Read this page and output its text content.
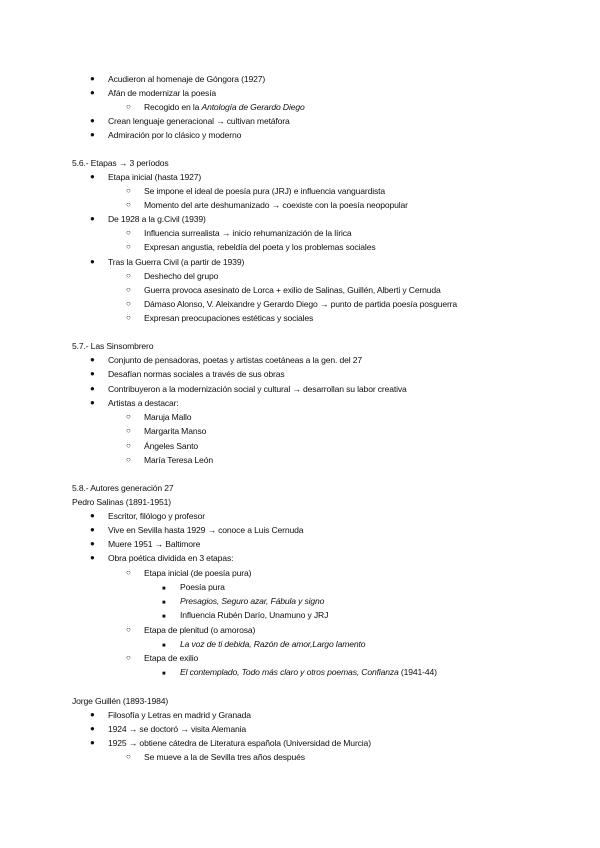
● Acudieron al homenaje de Góngora (1927)
● Afán de modernizar la poesía
○ Recogido en la Antología de Gerardo Diego
● Crean lenguaje generacional → cultivan metáfora
● Admiración por lo clásico y moderno
5.6.- Etapas → 3 períodos
● Etapa inicial (hasta 1927)
○ Se impone el ideal de poesía pura (JRJ) e influencia vanguardista
○ Momento del arte deshumanizado → coexiste con la poesía neopopular
● De 1928 a la g.Civil (1939)
○ Influencia surrealista → inicio rehumanización de la lírica
○ Expresan angustia, rebeldía del poeta y los problemas sociales
● Tras la Guerra Civil (a partir de 1939)
○ Deshecho del grupo
○ Guerra provoca asesinato de Lorca + exilio de Salinas, Guillén, Alberti y Cernuda
○ Dámaso Alonso, V. Aleixandre y Gerardo Diego → punto de partida poesía posguerra
○ Expresan preocupaciones estéticas y sociales
5.7.- Las Sinsombrero
● Conjunto de pensadoras, poetas y artistas coetáneas a la gen. del 27
● Desafían normas sociales a través de sus obras
● Contribuyeron a la modernización social y cultural → desarrollan su labor creativa
● Artistas a destacar:
○ Maruja Mallo
○ Margarita Manso
○ Ángeles Santo
○ María Teresa León
5.8.- Autores generación 27
Pedro Salinas (1891-1951)
● Escritor, filólogo y profesor
● Vive en Sevilla hasta 1929 → conoce a Luis Cernuda
● Muere 1951 → Baltimore
● Obra poética dividida en 3 etapas:
○ Etapa inicial (de poesía pura)
■ Poesía pura
■ Presagios, Seguro azar, Fábula y signo
■ Influencia Rubén Darío, Unamuno y JRJ
○ Etapa de plenitud (o amorosa)
■ La voz de ti debida, Razón de amor,Largo lamento
○ Etapa de exilio
■ El contemplado, Todo más claro y otros poemas, Confianza (1941-44)
Jorge Guillén (1893-1984)
● Filosofía y Letras en madrid y Granada
● 1924 → se doctoró → visita Alemania
● 1925 → obtiene cátedra de Literatura española (Universidad de Murcia)
○ Se mueve a la de Sevilla tres años después
